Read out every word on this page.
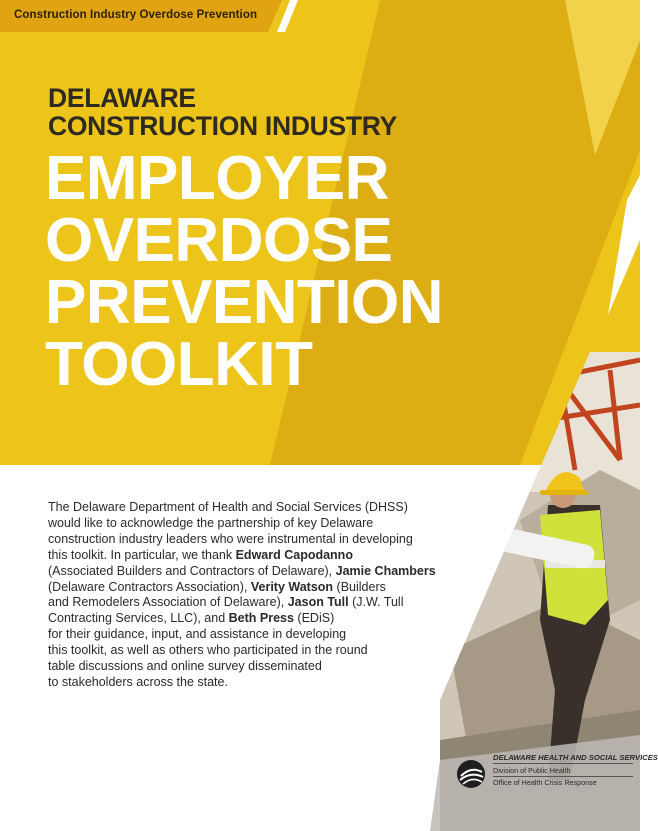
Construction Industry Overdose Prevention
DELAWARE
CONSTRUCTION INDUSTRY
EMPLOYER
OVERDOSE
PREVENTION
TOOLKIT
The Delaware Department of Health and Social Services (DHSS)
would like to acknowledge the partnership of key Delaware
construction industry leaders who were instrumental in developing
this toolkit. In particular, we thank Edward Capodanno
(Associated Builders and Contractors of Delaware), Jamie Chambers
(Delaware Contractors Association), Verity Watson (Builders
and Remodelers Association of Delaware), Jason Tull (J.W. Tull
Contracting Services, LLC), and Beth Press (EDiS)
for their guidance, input, and assistance in developing
this toolkit, as well as others who participated in the round
table discussions and online survey disseminated
to stakeholders across the state.
DELAWARE HEALTH AND SOCIAL SERVICES
Division of Public Health
Office of Health Crisis Response
